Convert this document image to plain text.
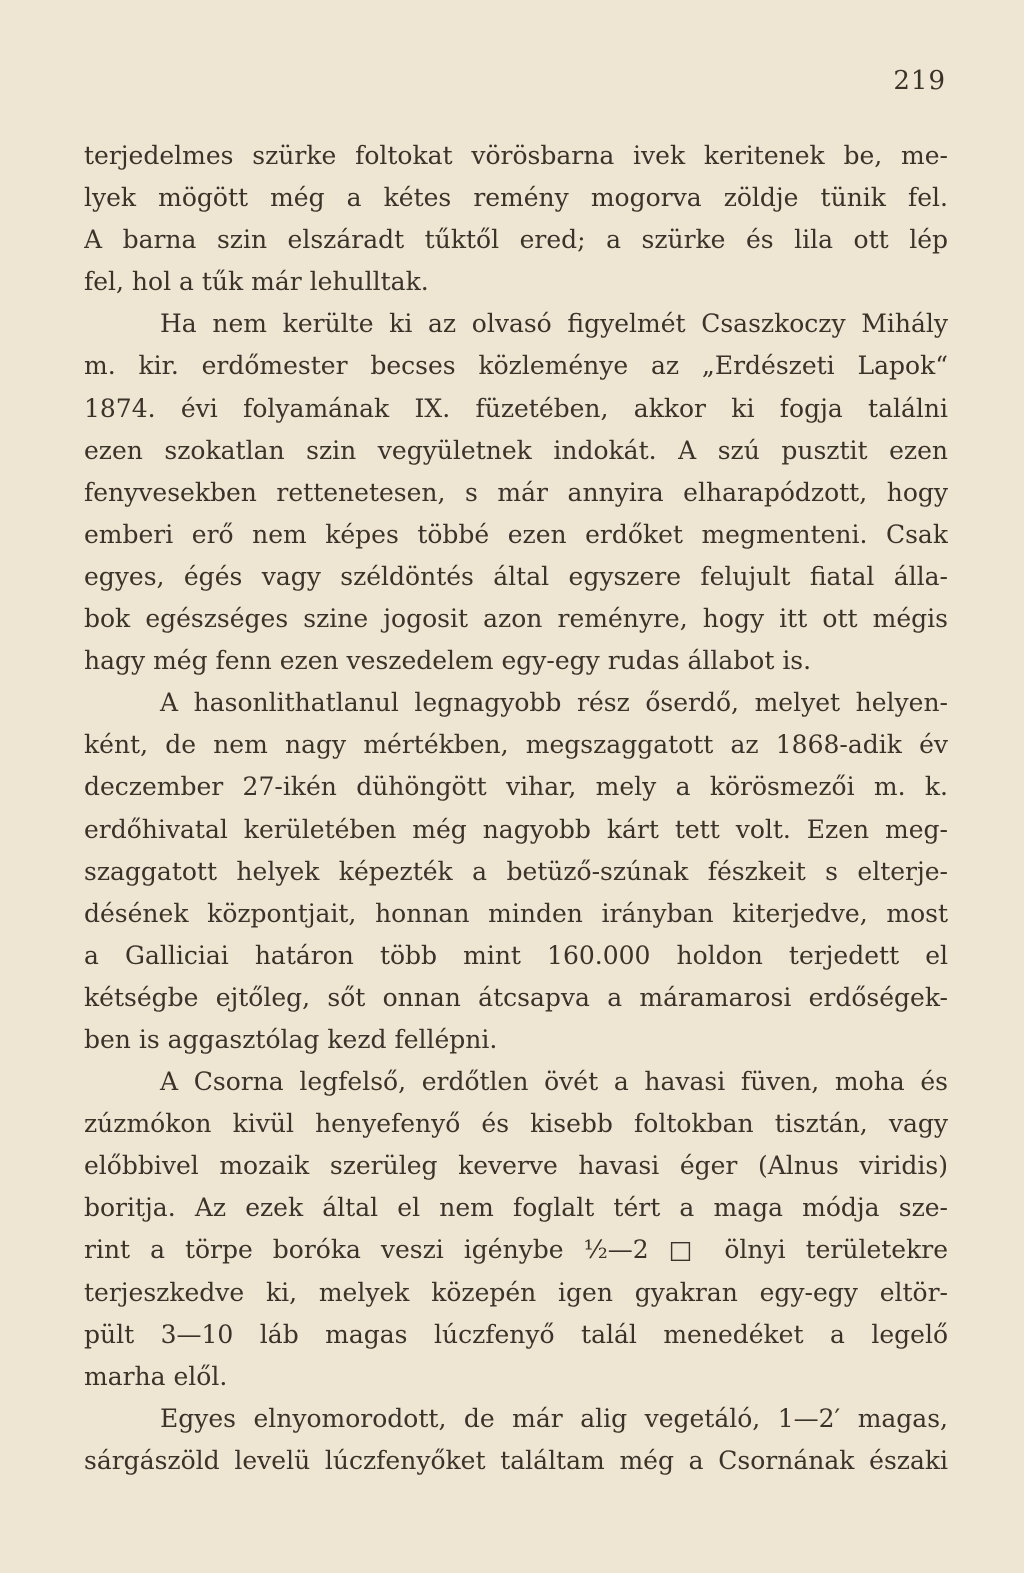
219
terjedelmes szürke foltokat vörösbarna ivek keritenek be, me-
lyek mögött még a kétes remény mogorva zöldje tünik fel.
A barna szin elszáradt tűktől ered; a szürke és lila ott lép
fel, hol a tűk már lehulltak.
Ha nem kerülte ki az olvasó figyelmét Csaszkoczy Mihály
m. kir. erdőmester becses közleménye az „Erdészeti Lapok“
1874. évi folyamának IX. füzetében, akkor ki fogja találni
ezen szokatlan szin vegyületnek indokát. A szú pusztit ezen
fenyvesekben rettenetesen, s már annyira elharapódzott, hogy
emberi erő nem képes többé ezen erdőket megmenteni. Csak
egyes, égés vagy széldöntés által egyszere felujult fiatal álla-
bok egészséges szine jogosit azon reményre, hogy itt ott mégis
hagy még fenn ezen veszedelem egy-egy rudas állabot is.
A hasonlithatlanul legnagyobb rész őserdő, melyet helyen-
ként, de nem nagy mértékben, megszaggatott az 1868-adik év
deczember 27-ikén dühöngött vihar, mely a körösmezői m. k.
erdőhivatal kerületében még nagyobb kárt tett volt. Ezen meg-
szaggatott helyek képezték a betüző-szúnak fészkeit s elterje-
désének központjait, honnan minden irányban kiterjedve, most
a Galliciai határon több mint 160.000 holdon terjedett el
kétségbe ejtőleg, sőt onnan átcsapva a máramarosi erdőségek-
ben is aggasztólag kezd fellépni.
A Csorna legfelső, erdőtlen övét a havasi füven, moha és
zúzmókon kivül henyefenyő és kisebb foltokban tisztán, vagy
előbbivel mozaik szerüleg keverve havasi éger (Alnus viridis)
boritja. Az ezek által el nem foglalt tért a maga módja sze-
rint a törpe boróka veszi igénybe ½—2 □ ölnyi területekre
terjeszkedve ki, melyek közepén igen gyakran egy-egy eltör-
pült 3—10 láb magas lúczfenyő talál menedéket a legelő
marha elől.
Egyes elnyomorodott, de már alig vegetáló, 1—2′ magas,
sárgászöld levelü lúczfenyőket találtam még a Csornának északi
